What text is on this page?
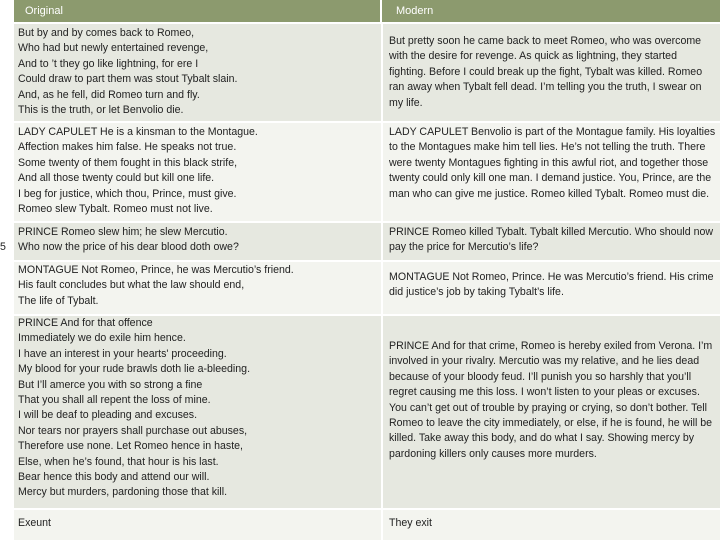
Original	Modern
But by and by comes back to Romeo,
Who had but newly entertained revenge,
And to ’t they go like lightning, for ere I
Could draw to part them was stout Tybalt slain.
And, as he fell, did Romeo turn and fly.
This is the truth, or let Benvolio die.
But pretty soon he came back to meet Romeo, who was overcome with the desire for revenge. As quick as lightning, they started fighting. Before I could break up the fight, Tybalt was killed. Romeo ran away when Tybalt fell dead. I’m telling you the truth, I swear on my life.
LADY CAPULET He is a kinsman to the Montague.
Affection makes him false. He speaks not true.
Some twenty of them fought in this black strife,
And all those twenty could but kill one life.
I beg for justice, which thou, Prince, must give.
Romeo slew Tybalt. Romeo must not live.
LADY CAPULET Benvolio is part of the Montague family. His loyalties to the Montagues make him tell lies. He’s not telling the truth. There were twenty Montagues fighting in this awful riot, and together those twenty could only kill one man. I demand justice. You, Prince, are the man who can give me justice. Romeo killed Tybalt. Romeo must die.
5
PRINCE Romeo slew him; he slew Mercutio.
Who now the price of his dear blood doth owe?
PRINCE Romeo killed Tybalt. Tybalt killed Mercutio. Who should now pay the price for Mercutio’s life?
MONTAGUE Not Romeo, Prince, he was Mercutio’s friend.
His fault concludes but what the law should end,
The life of Tybalt.
MONTAGUE Not Romeo, Prince. He was Mercutio’s friend. His crime did justice’s job by taking Tybalt’s life.
PRINCE And for that offence
Immediately we do exile him hence.
I have an interest in your hearts' proceeding.
My blood for your rude brawls doth lie a-bleeding.
But I’ll amerce you with so strong a fine
That you shall all repent the loss of mine.
I will be deaf to pleading and excuses.
Nor tears nor prayers shall purchase out abuses,
Therefore use none. Let Romeo hence in haste,
Else, when he’s found, that hour is his last.
Bear hence this body and attend our will.
Mercy but murders, pardoning those that kill.
PRINCE And for that crime, Romeo is hereby exiled from Verona. I’m involved in your rivalry. Mercutio was my relative, and he lies dead because of your bloody feud. I’ll punish you so harshly that you’ll regret causing me this loss. I won’t listen to your pleas or excuses. You can’t get out of trouble by praying or crying, so don’t bother. Tell Romeo to leave the city immediately, or else, if he is found, he will be killed. Take away this body, and do what I say. Showing mercy by pardoning killers only causes more murders.
Exeunt	They exit
